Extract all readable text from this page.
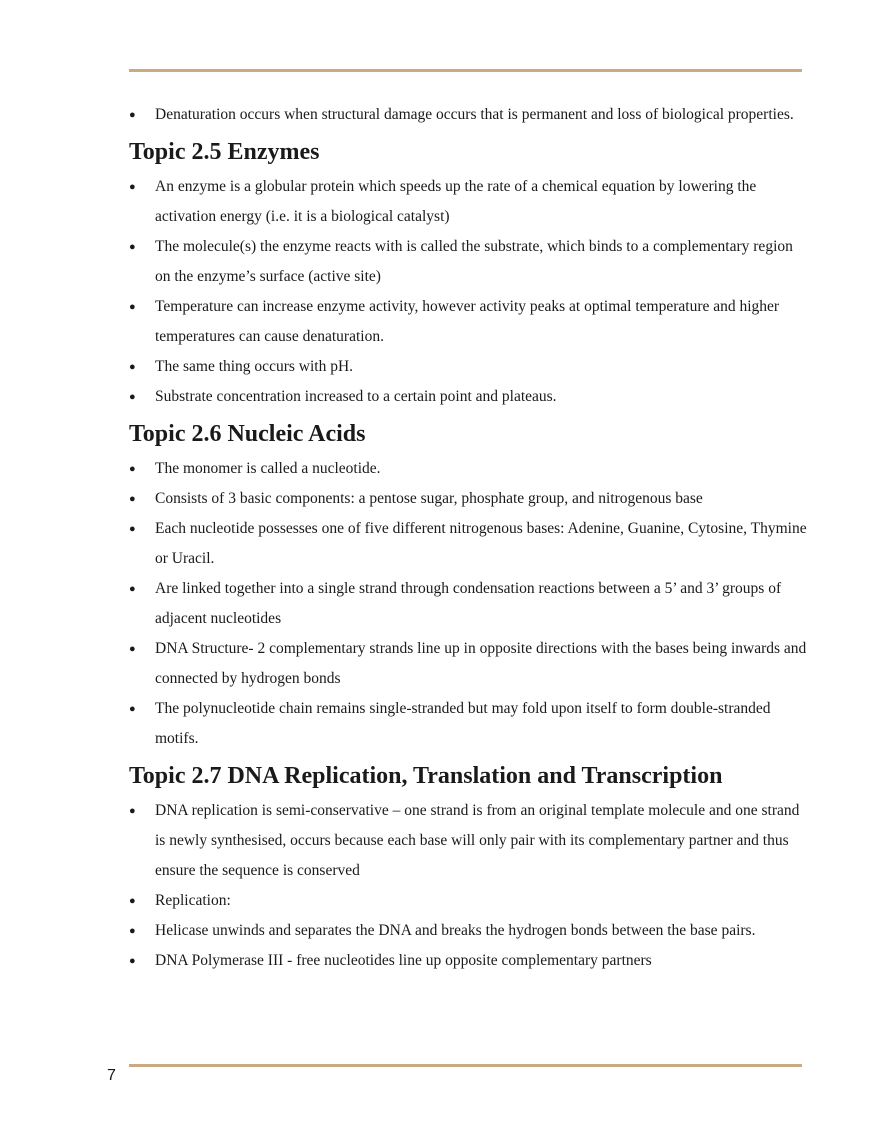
● Denaturation occurs when structural damage occurs that is permanent and loss of biological properties.
Topic 2.5 Enzymes
● An enzyme is a globular protein which speeds up the rate of a chemical equation by lowering the activation energy (i.e. it is a biological catalyst)
● The molecule(s) the enzyme reacts with is called the substrate, which binds to a complementary region on the enzyme’s surface (active site)
● Temperature can increase enzyme activity, however activity peaks at optimal temperature and higher temperatures can cause denaturation.
● The same thing occurs with pH.
● Substrate concentration increased to a certain point and plateaus.
Topic 2.6 Nucleic Acids
● The monomer is called a nucleotide.
● Consists of 3 basic components: a pentose sugar, phosphate group, and nitrogenous base
● Each nucleotide possesses one of five different nitrogenous bases: Adenine, Guanine, Cytosine, Thymine or Uracil.
● Are linked together into a single strand through condensation reactions between a 5’ and 3’ groups of adjacent nucleotides
● DNA Structure- 2 complementary strands line up in opposite directions with the bases being inwards and connected by hydrogen bonds
● The polynucleotide chain remains single-stranded but may fold upon itself to form double-stranded motifs.
Topic 2.7 DNA Replication, Translation and Transcription
● DNA replication is semi-conservative – one strand is from an original template molecule and one strand is newly synthesised, occurs because each base will only pair with its complementary partner and thus ensure the sequence is conserved
● Replication:
● Helicase unwinds and separates the DNA and breaks the hydrogen bonds between the base pairs.
● DNA Polymerase III - free nucleotides line up opposite complementary partners
7
